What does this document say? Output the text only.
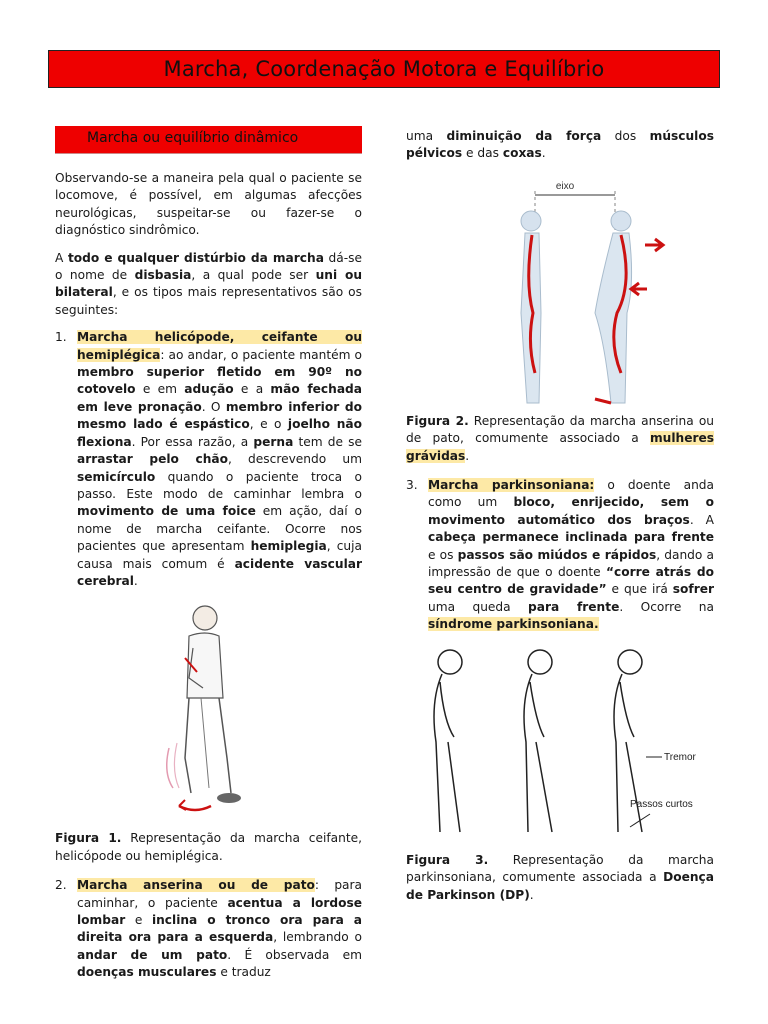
Marcha, Coordenação Motora e Equilíbrio
Marcha ou equilíbrio dinâmico

Observando-se a maneira pela qual o paciente se locomove, é possível, em algumas afecções neurológicas, suspeitar-se ou fazer-se o diagnóstico sindrômico.

A todo e qualquer distúrbio da marcha dá-se o nome de disbasia, a qual pode ser uni ou bilateral, e os tipos mais representativos são os seguintes:

1. Marcha helicópode, ceifante ou hemiplégica: ao andar, o paciente mantém o membro superior fletido em 90º no cotovelo e em adução e a mão fechada em leve pronação. O membro inferior do mesmo lado é espástico, e o joelho não flexiona. Por essa razão, a perna tem de se arrastar pelo chão, descrevendo um semicírculo quando o paciente troca o passo. Este modo de caminhar lembra o movimento de uma foice em ação, daí o nome de marcha ceifante. Ocorre nos pacientes que apresentam hemiplegia, cuja causa mais comum é acidente vascular cerebral.
Figura 1. Representação da marcha ceifante, helicópode ou hemiplégica.
2. Marcha anserina ou de pato: para caminhar, o paciente acentua a lordose lombar e inclina o tronco ora para a direita ora para a esquerda, lembrando o andar de um pato. É observada em doenças musculares e traduz

uma diminuição da força dos músculos pélvicos e das coxas.

eixo
Figura 2. Representação da marcha anserina ou de pato, comumente associado a mulheres grávidas.
3. Marcha parkinsoniana: o doente anda como um bloco, enrijecido, sem o movimento automático dos braços. A cabeça permanece inclinada para frente e os passos são miúdos e rápidos, dando a impressão de que o doente “corre atrás do seu centro de gravidade” e que irá sofrer uma queda para frente. Ocorre na síndrome parkinsoniana.
Tremor
Passos curtos
Figura 3. Representação da marcha parkinsoniana, comumente associada a Doença de Parkinson (DP).
